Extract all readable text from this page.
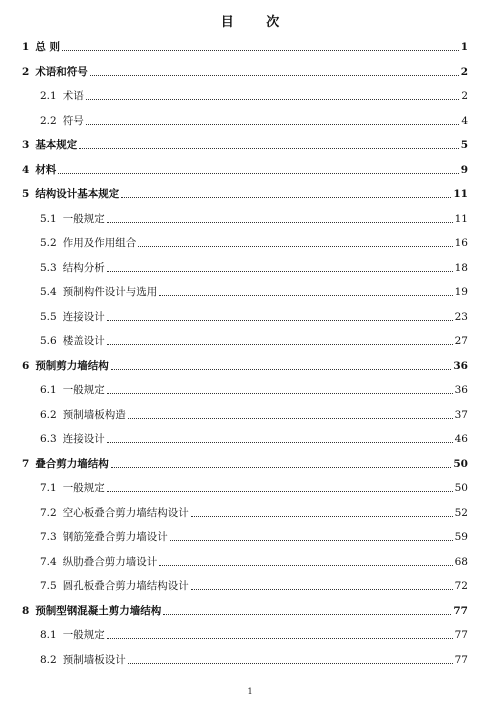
目 次
1 总 则	1
2 术语和符号	2
2.1 术语	2
2.2 符号	4
3 基本规定	5
4 材料	9
5 结构设计基本规定	11
5.1 一般规定	11
5.2 作用及作用组合	16
5.3 结构分析	18
5.4 预制构件设计与选用	19
5.5 连接设计	23
5.6 楼盖设计	27
6 预制剪力墙结构	36
6.1 一般规定	36
6.2 预制墙板构造	37
6.3 连接设计	46
7 叠合剪力墙结构	50
7.1 一般规定	50
7.2 空心板叠合剪力墙结构设计	52
7.3 钢筋笼叠合剪力墙设计	59
7.4 纵肋叠合剪力墙设计	68
7.5 圆孔板叠合剪力墙结构设计	72
8 预制型钢混凝土剪力墙结构	77
8.1 一般规定	77
8.2 预制墙板设计	77
1
